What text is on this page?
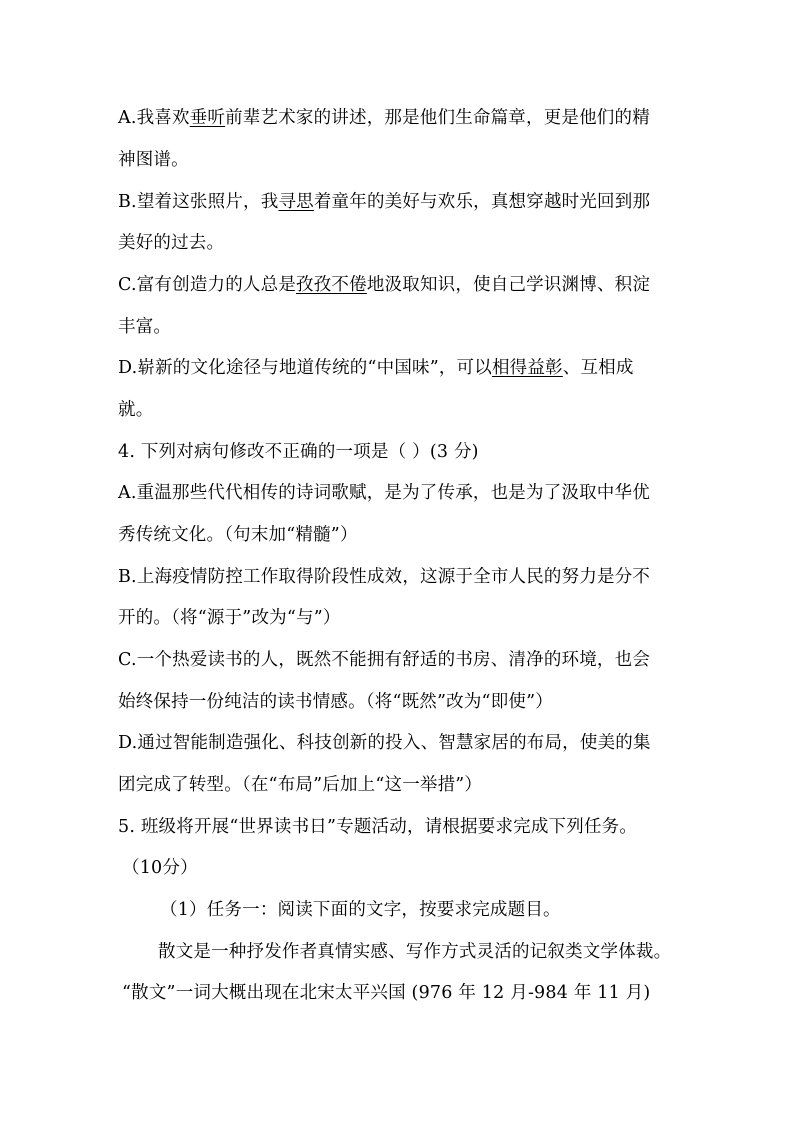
A.我喜欢垂听前辈艺术家的讲述，那是他们生命篇章，更是他们的精
神图谱。
B.望着这张照片，我寻思着童年的美好与欢乐，真想穿越时光回到那
美好的过去。
C.富有创造力的人总是孜孜不倦地汲取知识，使自己学识渊博、积淀
丰富。
D.崭新的文化途径与地道传统的“中国味”，可以相得益彰、互相成
就。
4. 下列对病句修改不正确的一项是（ ）(3 分)
A.重温那些代代相传的诗词歌赋，是为了传承，也是为了汲取中华优
秀传统文化。（句末加“精髓”）
B.上海疫情防控工作取得阶段性成效，这源于全市人民的努力是分不
开的。（将“源于”改为“与”）
C.一个热爱读书的人，既然不能拥有舒适的书房、清净的环境，也会
始终保持一份纯洁的读书情感。（将“既然”改为“即使”）
D.通过智能制造强化、科技创新的投入、智慧家居的布局，使美的集
团完成了转型。（在“布局”后加上“这一举措”）
5. 班级将开展“世界读书日”专题活动，请根据要求完成下列任务。
（10分）
（1）任务一：阅读下面的文字，按要求完成题目。
散文是一种抒发作者真情实感、写作方式灵活的记叙类文学体裁。
“散文”一词大概出现在北宋太平兴国 (976 年 12 月-984 年 11 月)
